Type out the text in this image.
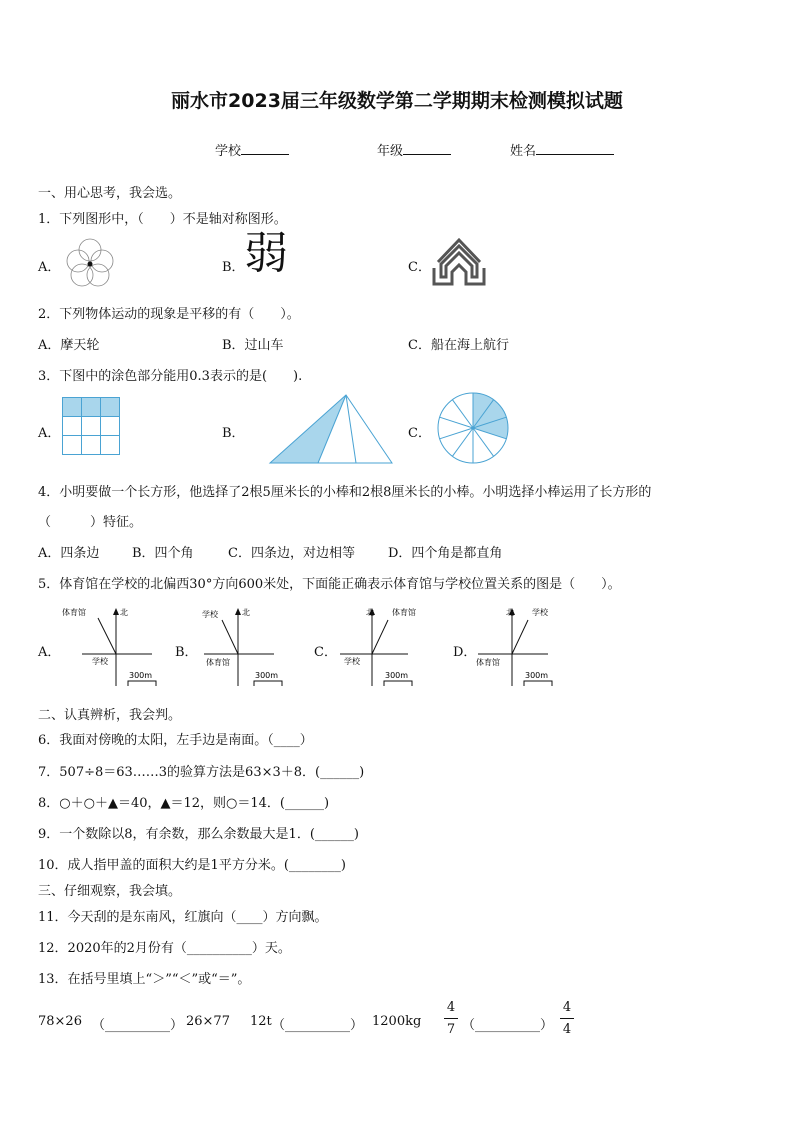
丽水市2023届三年级数学第二学期期末检测模拟试题
学校	年级	姓名
一、用心思考，我会选。
1．下列图形中，（　　）不是轴对称图形。
A．	B． 弱	C．
2．下列物体运动的现象是平移的有（　　）。
A．摩天轮	B．过山车	C．船在海上航行
3．下图中的涂色部分能用0.3表示的是(　　).
A．	B．	C．
4．小明要做一个长方形，他选择了2根5厘米长的小棒和2根8厘米长的小棒。小明选择小棒运用了长方形的
（　　　）特征。
A．四条边	B．四个角	C．四条边，对边相等	D．四个角是都直角
5．体育馆在学校的北偏西30°方向600米处，下面能正确表示体育馆与学校位置关系的图是（　　）。
A．
体育馆	北
学校
300m
B．
学校	北
体育馆
300m
C．
北 体育馆
学校
300m
D．
北 学校
体育馆
300m
二、认真辨析，我会判。
6．我面对傍晚的太阳，左手边是南面。（____）
7．507÷8＝63……3的验算方法是63×3＋8．(______)
8．○＋○＋▲＝40，▲＝12，则○＝14．(______)
9．一个数除以8，有余数，那么余数最大是1．(______)
10．成人指甲盖的面积大约是1平方分米。(________)
三、仔细观察，我会填。
11．今天刮的是东南风，红旗向（____）方向飘。
12．2020年的2月份有（__________）天。
13．在括号里填上“＞”“＜”或“＝”。
78×26 （__________） 26×77 12t （__________） 1200kg
4
7 （__________）
4
4
